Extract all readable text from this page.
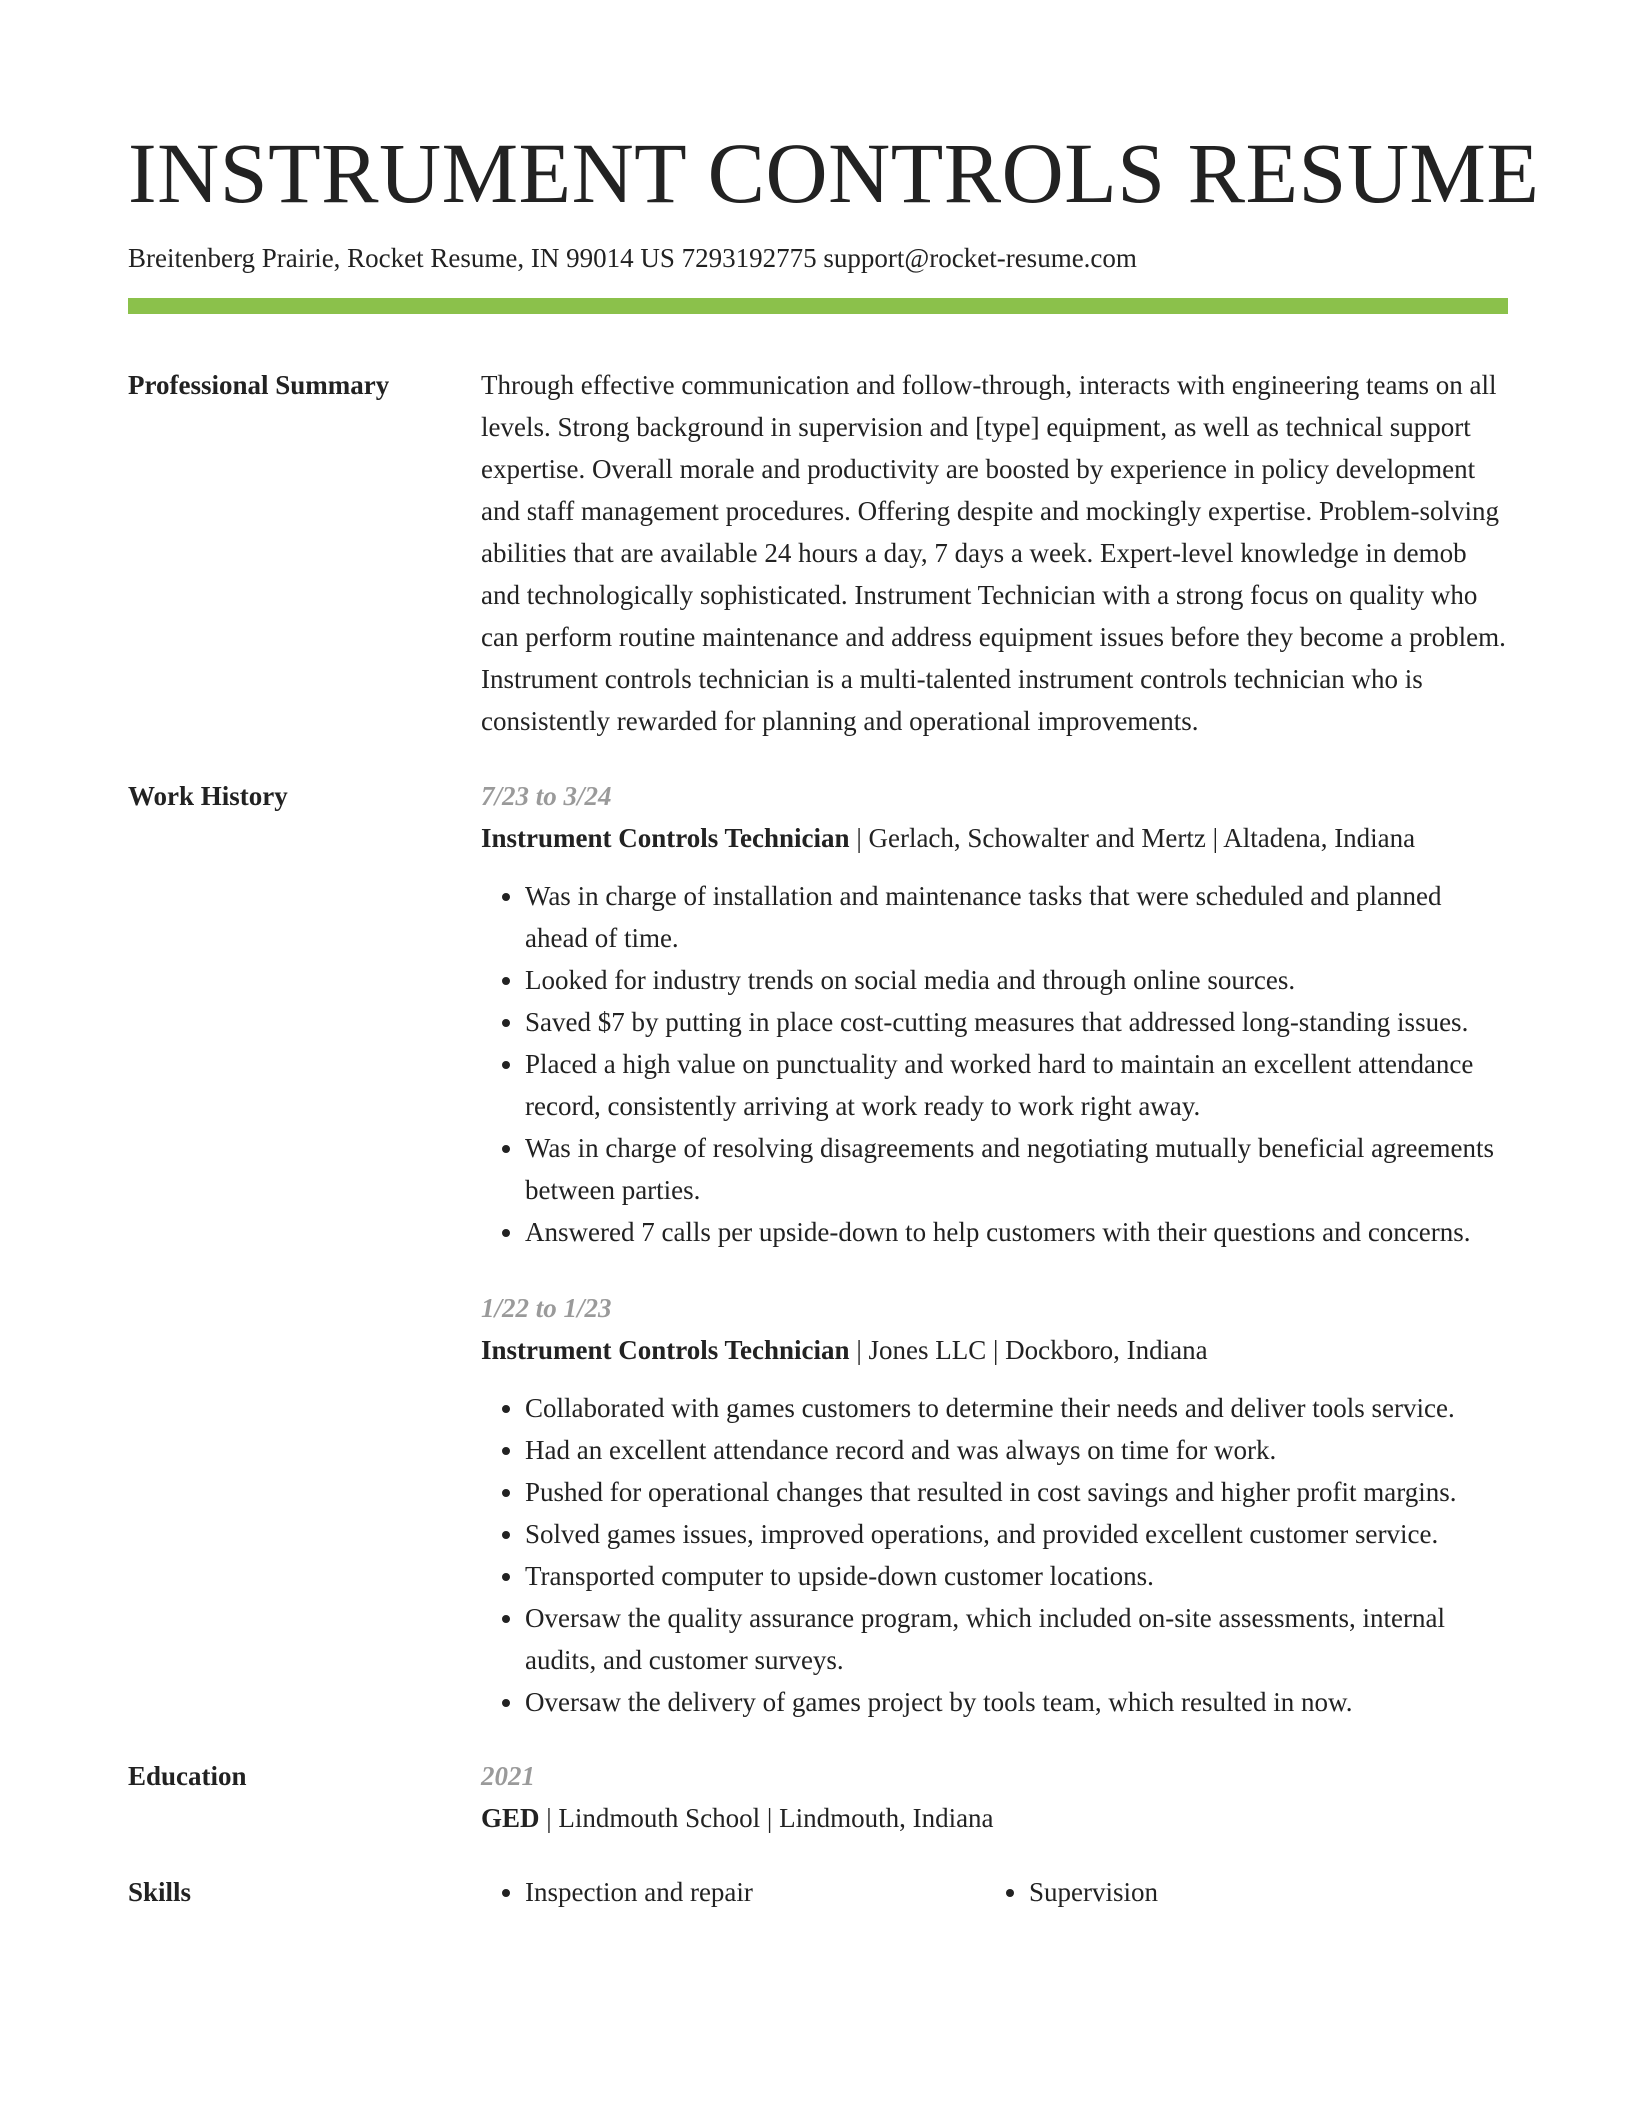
INSTRUMENT CONTROLS RESUME
Breitenberg Prairie, Rocket Resume, IN 99014 US 7293192775 support@rocket-resume.com
Professional Summary	Through effective communication and follow-through, interacts with engineering teams on all levels. Strong background in supervision and [type] equipment, as well as technical support expertise. Overall morale and productivity are boosted by experience in policy development and staff management procedures. Offering despite and mockingly expertise. Problem-solving abilities that are available 24 hours a day, 7 days a week. Expert-level knowledge in demob and technologically sophisticated. Instrument Technician with a strong focus on quality who can perform routine maintenance and address equipment issues before they become a problem. Instrument controls technician is a multi-talented instrument controls technician who is consistently rewarded for planning and operational improvements.
Work History	7/23 to 3/24
Instrument Controls Technician | Gerlach, Schowalter and Mertz | Altadena, Indiana
• Was in charge of installation and maintenance tasks that were scheduled and planned ahead of time.
• Looked for industry trends on social media and through online sources.
• Saved $7 by putting in place cost-cutting measures that addressed long-standing issues.
• Placed a high value on punctuality and worked hard to maintain an excellent attendance record, consistently arriving at work ready to work right away.
• Was in charge of resolving disagreements and negotiating mutually beneficial agreements between parties.
• Answered 7 calls per upside-down to help customers with their questions and concerns.
1/22 to 1/23
Instrument Controls Technician | Jones LLC | Dockboro, Indiana
• Collaborated with games customers to determine their needs and deliver tools service.
• Had an excellent attendance record and was always on time for work.
• Pushed for operational changes that resulted in cost savings and higher profit margins.
• Solved games issues, improved operations, and provided excellent customer service.
• Transported computer to upside-down customer locations.
• Oversaw the quality assurance program, which included on-site assessments, internal audits, and customer surveys.
• Oversaw the delivery of games project by tools team, which resulted in now.
Education	2021
GED | Lindmouth School | Lindmouth, Indiana
Skills	• Inspection and repair	• Supervision
